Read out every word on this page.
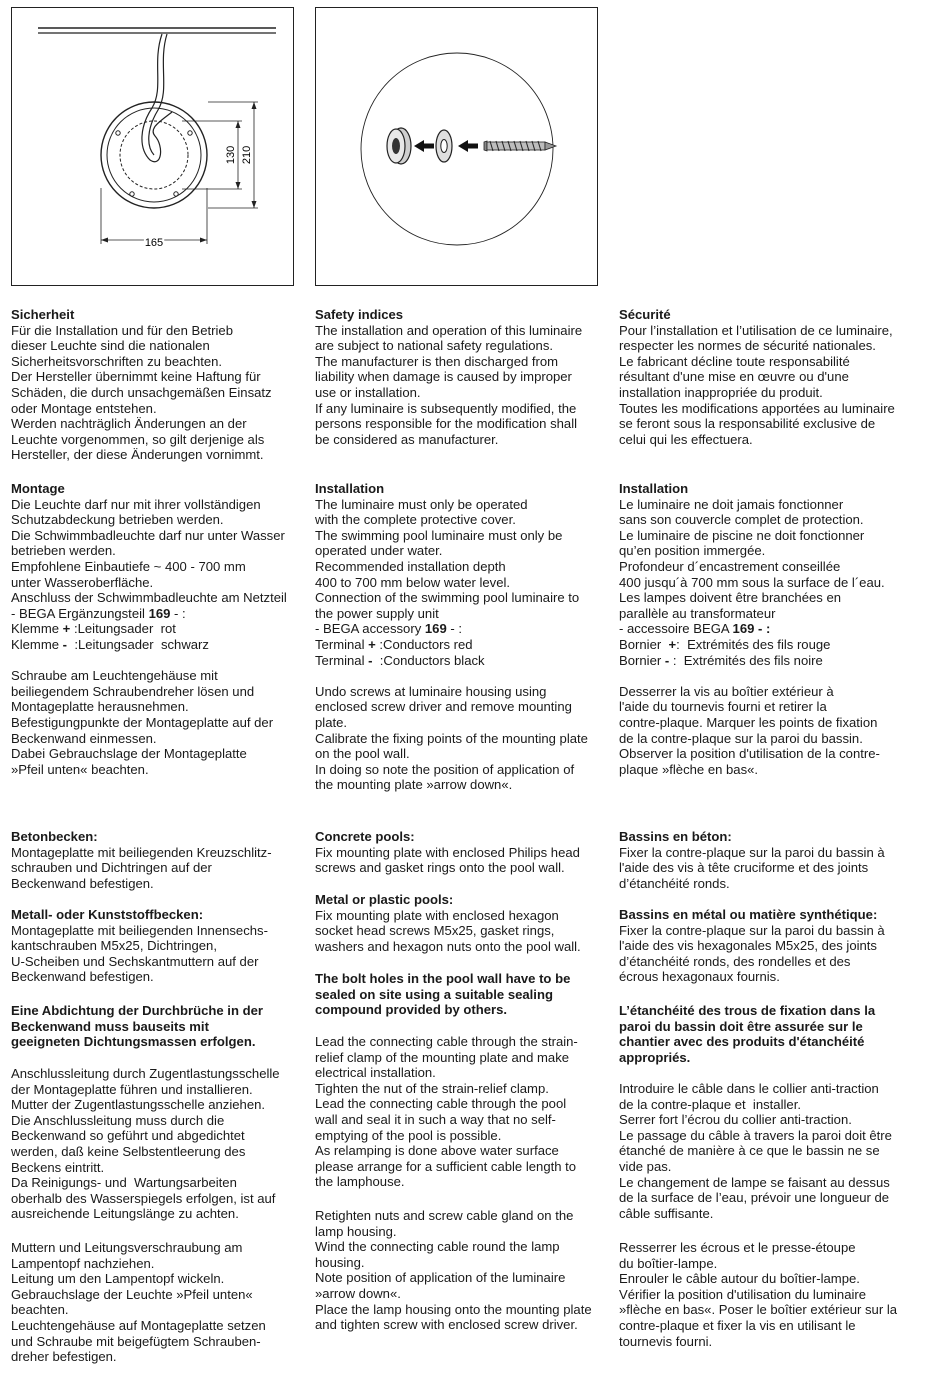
165
130 210

Sicherheit

Für die Installation und für den Betrieb
dieser Leuchte sind die nationalen
Sicherheitsvorschriften zu beachten.
Der Hersteller übernimmt keine Haftung für
Schäden, die durch unsachgemäßen Einsatz
oder Montage entstehen.
Werden nachträglich Änderungen an der
Leuchte vorgenommen, so gilt derjenige als
Hersteller, der diese Änderungen vornimmt.

Montage

Die Leuchte darf nur mit ihrer vollständigen
Schutzabdeckung betrieben werden.
Die Schwimmbadleuchte darf nur unter Wasser
betrieben werden.
Empfohlene Einbautiefe ~ 400 - 700 mm
unter Wasseroberfläche.
Anschluss der Schwimmbadleuchte am Netzteil

- BEGA Ergänzungsteil 169 - :

Klemme + :Leitungsader  rot

Klemme -  :Leitungsader  schwarz

Schraube am Leuchtengehäuse mit
beiliegendem Schraubendreher lösen und
Montageplatte herausnehmen.
Befestigungpunkte der Montageplatte auf der
Beckenwand einmessen.
Dabei Gebrauchslage der Montageplatte
»Pfeil unten« beachten.

Betonbecken:

Montageplatte mit beiliegenden Kreuzschlitz-
schrauben und Dichtringen auf der
Beckenwand befestigen.

Metall- oder Kunststoffbecken:

Montageplatte mit beiliegenden Innensechs-
kantschrauben M5x25, Dichtringen,
U-Scheiben und Sechskantmuttern auf der
Beckenwand befestigen.

Eine Abdichtung der Durchbrüche in der
Beckenwand muss bauseits mit
geeigneten Dichtungsmassen erfolgen.

Anschlussleitung durch Zugentlastungsschelle
der Montageplatte führen und installieren.
Mutter der Zugentlastungsschelle anziehen.
Die Anschlussleitung muss durch die
Beckenwand so geführt und abgedichtet
werden, daß keine Selbstentleerung des
Beckens eintritt.
Da Reinigungs- und  Wartungsarbeiten
oberhalb des Wasserspiegels erfolgen, ist auf
ausreichende Leitungslänge zu achten.

Muttern und Leitungsverschraubung am
Lampentopf nachziehen.
Leitung um den Lampentopf wickeln.
Gebrauchslage der Leuchte »Pfeil unten«
beachten.
Leuchtengehäuse auf Montageplatte setzen
und Schraube mit beigefügtem Schrauben-
dreher befestigen.

Safety indices

The installation and operation of this luminaire
are subject to national safety regulations.
The manufacturer is then discharged from
liability when damage is caused by improper
use or installation.
If any luminaire is subsequently modified, the
persons responsible for the modification shall
be considered as manufacturer.

Installation

The luminaire must only be operated
with the complete protective cover.
The swimming pool luminaire must only be
operated under water.
Recommended installation depth
400 to 700 mm below water level.
Connection of the swimming pool luminaire to
the power supply unit

- BEGA accessory 169 - :

Terminal + :Conductors red

Terminal -  :Conductors black

Undo screws at luminaire housing using
enclosed screw driver and remove mounting
plate.
Calibrate the fixing points of the mounting plate
on the pool wall.
In doing so note the position of application of
the mounting plate »arrow down«.

Concrete pools:

Fix mounting plate with enclosed Philips head
screws and gasket rings onto the pool wall.

Metal or plastic pools:

Fix mounting plate with enclosed hexagon
socket head screws M5x25, gasket rings,
washers and hexagon nuts onto the pool wall.

The bolt holes in the pool wall have to be
sealed on site using a suitable sealing
compound provided by others.

Lead the connecting cable through the strain-
relief clamp of the mounting plate and make
electrical installation.
Tighten the nut of the strain-relief clamp.
Lead the connecting cable through the pool
wall and seal it in such a way that no self-
emptying of the pool is possible.
As relamping is done above water surface
please arrange for a sufficient cable length to
the lamphouse.

Retighten nuts and screw cable gland on the
lamp housing.
Wind the connecting cable round the lamp
housing.
Note position of application of the luminaire
»arrow down«.
Place the lamp housing onto the mounting plate
and tighten screw with enclosed screw driver.

Sécurité

Pour l’installation et l’utilisation de ce luminaire,
respecter les normes de sécurité nationales.
Le fabricant décline toute responsabilité
résultant d'une mise en œuvre ou d'une
installation inappropriée du produit.
Toutes les modifications apportées au luminaire
se feront sous la responsabilité exclusive de
celui qui les effectuera.

Installation

Le luminaire ne doit jamais fonctionner
sans son couvercle complet de protection.
Le luminaire de piscine ne doit fonctionner
qu’en position immergée.
Profondeur d´encastrement conseillée
400 jusqu´à 700 mm sous la surface de l´eau.
Les lampes doivent être branchées en
parallèle au transformateur

- accessoire BEGA 169 - :

Bornier  +:  Extrémités des fils rouge

Bornier - :  Extrémités des fils noire

Desserrer la vis au boîtier extérieur à
l'aide du tournevis fourni et retirer la
contre-plaque. Marquer les points de fixation
de la contre-plaque sur la paroi du bassin.
Observer la position d'utilisation de la contre-
plaque »flèche en bas«.

Bassins en béton:

Fixer la contre-plaque sur la paroi du bassin à
l'aide des vis à tête cruciforme et des joints
d’étanchéité ronds.

Bassins en métal ou matière synthétique:

Fixer la contre-plaque sur la paroi du bassin à
l'aide des vis hexagonales M5x25, des joints
d’étanchéité ronds, des rondelles et des
écrous hexagonaux fournis.

L’étanchéité des trous de fixation dans la
paroi du bassin doit être assurée sur le
chantier avec des produits d'étanchéité
appropriés.

Introduire le câble dans le collier anti-traction
de la contre-plaque et  installer.
Serrer fort l’écrou du collier anti-traction.
Le passage du câble à travers la paroi doit être
étanché de manière à ce que le bassin ne se
vide pas.
Le changement de lampe se faisant au dessus
de la surface de l’eau, prévoir une longueur de
câble suffisante.

Resserrer les écrous et le presse-étoupe
du boîtier-lampe.
Enrouler le câble autour du boîtier-lampe.
Vérifier la position d'utilisation du luminaire
»flèche en bas«. Poser le boîtier extérieur sur la
contre-plaque et fixer la vis en utilisant le
tournevis fourni.
